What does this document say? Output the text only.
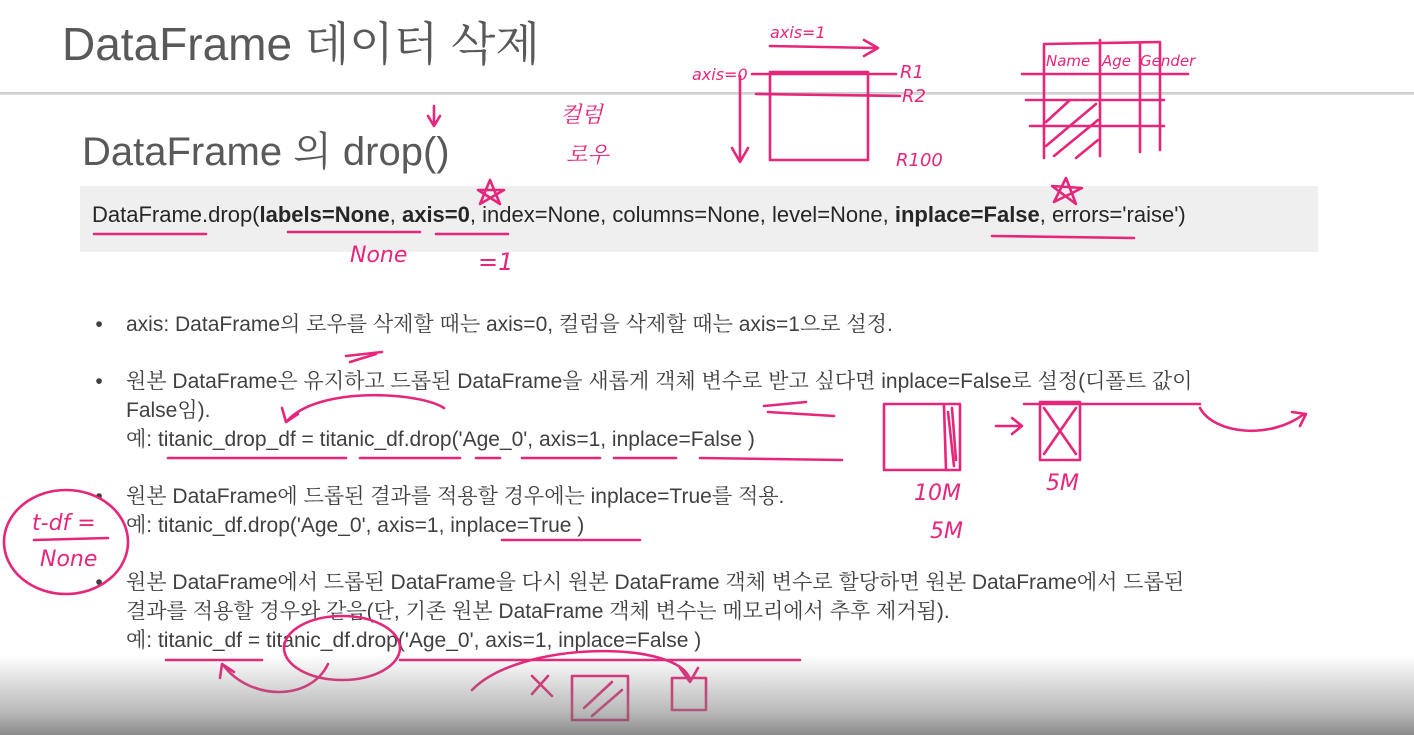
DataFrame 데이터 삭제
DataFrame 의 drop()
DataFrame.drop(labels=None, axis=0, index=None, columns=None, level=None, inplace=False, errors='raise')
• axis: DataFrame의 로우를 삭제할 때는 axis=0, 컬럼을 삭제할 때는 axis=1으로 설정.
• 원본 DataFrame은 유지하고 드롭된 DataFrame을 새롭게 객체 변수로 받고 싶다면 inplace=False로 설정(디폴트 값이
False임).
예: titanic_drop_df = titanic_df.drop('Age_0', axis=1, inplace=False )
• 원본 DataFrame에 드롭된 결과를 적용할 경우에는 inplace=True를 적용.
예: titanic_df.drop('Age_0', axis=1, inplace=True )
• 원본 DataFrame에서 드롭된 DataFrame을 다시 원본 DataFrame 객체 변수로 할당하면 원본 DataFrame에서 드롭된
결과를 적용할 경우와 같음(단, 기존 원본 DataFrame 객체 변수는 메모리에서 추후 제거됨).
예: titanic_df = titanic_df.drop('Age_0', axis=1, inplace=False )
컬럼
로우
axis=1
axis=0	R1
R2
R100
Name Age Gender
None	=1
10M	5M
5M
t-df =
None
